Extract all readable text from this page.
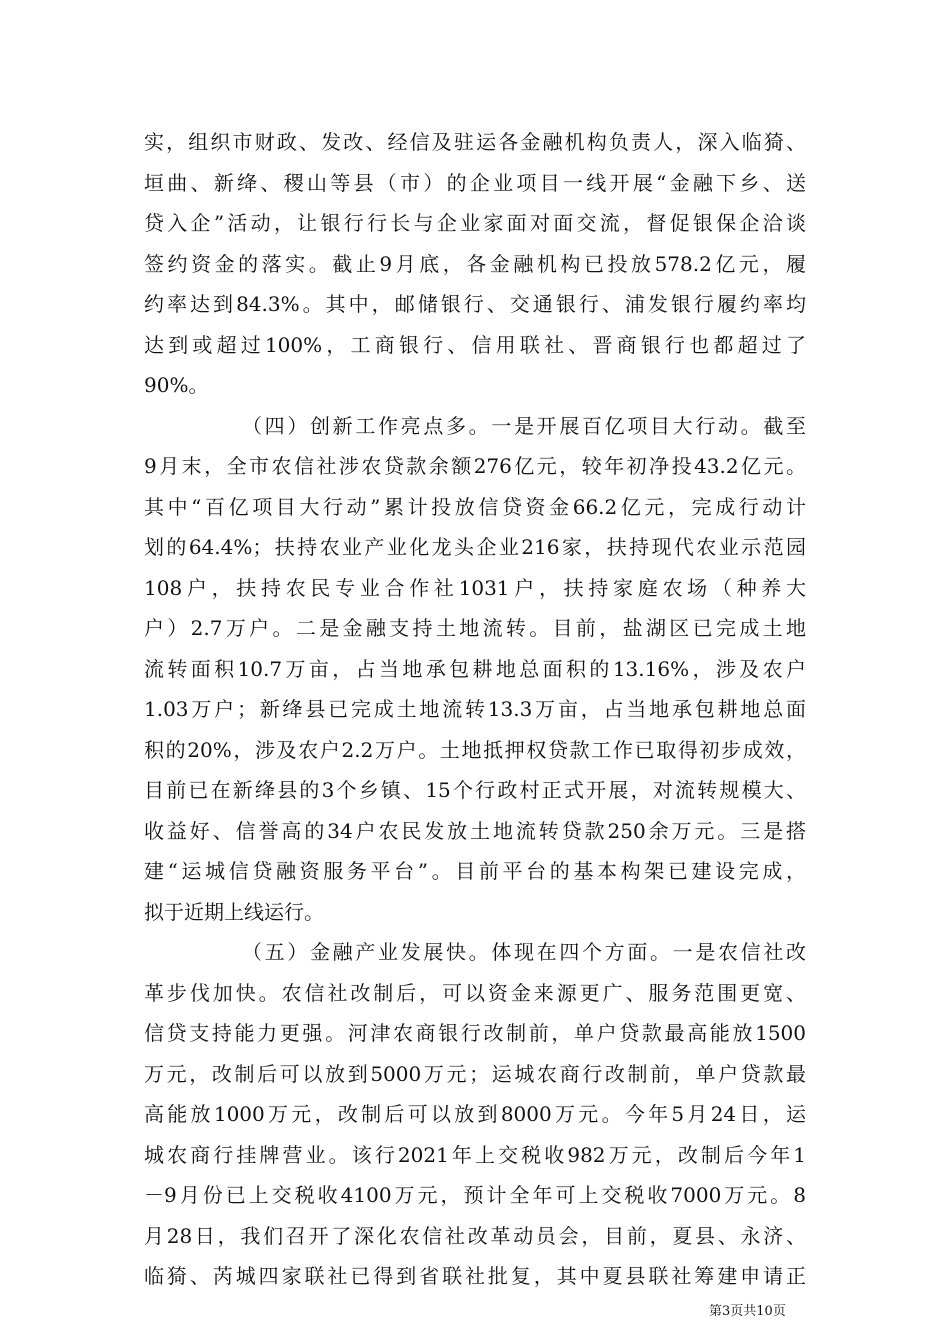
实，组织市财政、发改、经信及驻运各金融机构负责人，深入临猗、

垣曲、新绛、稷山等县（市）的企业项目一线开展“金融下乡、送

贷入企”活动，让银行行长与企业家面对面交流，督促银保企洽谈

签约资金的落实。截止9月底，各金融机构已投放578.2亿元，履

约率达到84.3%。其中，邮储银行、交通银行、浦发银行履约率均

达到或超过100%，工商银行、信用联社、晋商银行也都超过了

90%。

（四）创新工作亮点多。一是开展百亿项目大行动。截至

9月末，全市农信社涉农贷款余额276亿元，较年初净投43.2亿元。

其中“百亿项目大行动”累计投放信贷资金66.2亿元，完成行动计

划的64.4%；扶持农业产业化龙头企业216家，扶持现代农业示范园

108户，扶持农民专业合作社1031户，扶持家庭农场（种养大

户）2.7万户。二是金融支持土地流转。目前，盐湖区已完成土地

流转面积10.7万亩，占当地承包耕地总面积的13.16%，涉及农户

1.03万户；新绛县已完成土地流转13.3万亩，占当地承包耕地总面

积的20%，涉及农户2.2万户。土地抵押权贷款工作已取得初步成效，

目前已在新绛县的3个乡镇、15个行政村正式开展，对流转规模大、

收益好、信誉高的34户农民发放土地流转贷款250余万元。三是搭

建“运城信贷融资服务平台”。目前平台的基本构架已建设完成，

拟于近期上线运行。

（五）金融产业发展快。体现在四个方面。一是农信社改

革步伐加快。农信社改制后，可以资金来源更广、服务范围更宽、

信贷支持能力更强。河津农商银行改制前，单户贷款最高能放1500

万元，改制后可以放到5000万元；运城农商行改制前，单户贷款最

高能放1000万元，改制后可以放到8000万元。今年5月24日，运

城农商行挂牌营业。该行2021年上交税收982万元，改制后今年1

－9月份已上交税收4100万元，预计全年可上交税收7000万元。8

月28日，我们召开了深化农信社改革动员会，目前，夏县、永济、

临猗、芮城四家联社已得到省联社批复，其中夏县联社筹建申请正

第3页共10页
